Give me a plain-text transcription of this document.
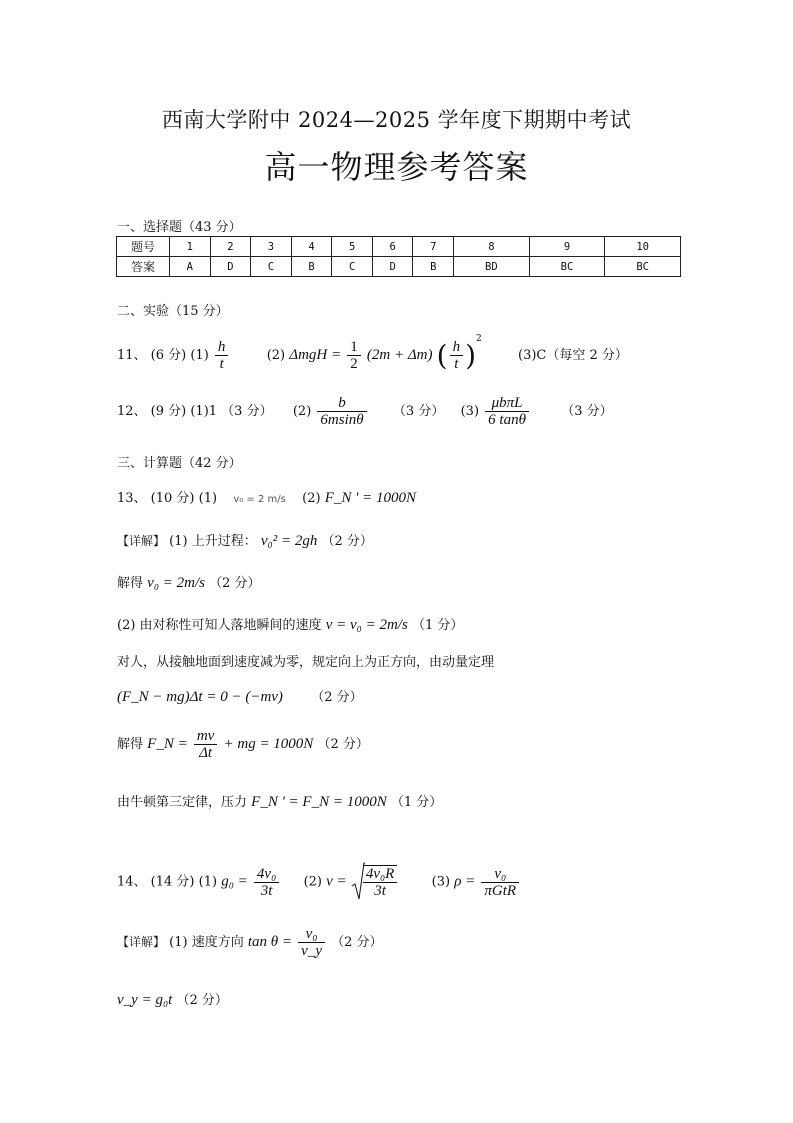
西南大学附中 2024—2025 学年度下期期中考试
高一物理参考答案
一、选择题（43 分）
题号	1	2	3	4	5	6	7	8	9	10
答案	A	D	C	B	C	D	B	BD	BC	BC
二、实验（15 分）
11、 (6 分) $(1) \frac{h}{t}$	(2) $\Delta mgH = \frac{1}{2} (2m + \Delta m)$ ( $\frac{h}{t} )^2$  (3)C（每空 2 分）
12、 (9 分) (1)1 （3 分） $(2) \frac{b}{6msin\theta} (3$ 分） $(3) \frac{\text{μbπL}}{6 \tan\theta} (3$ 分）
三、计算题（42 分）
13、 (10 分) (1) v₀ = 2 m/s (2) F_N ' = 1000N
【详解】 (1) 上升过程： v₀² = 2gh （2 分）
解得 v₀ = 2m/s （2 分）
(2) 由对称性可知人落地瞬间的速度 v = v₀ = 2m/s （1 分）
对人，从接触地面到速度减为零，规定向上为正方向，由动量定理
(F_N − mg)Δt = 0 − (−mv) （2 分）
解得 F_N = $\frac{mv}{\Delta t}$ + mg = 1000N （2 分）
由牛顿第三定律，压力 F_N ' = F_N = 1000N （1 分）
14、 (14 分) (1) $g_0 = \frac{\text{4v₀}}{3t} (2) v = \frac{\text{4v₀R}}{3t}$	(3) $\rho = \frac{\text{v₀}}{\text{πGtR}}$
【详解】 (1) 速度方向 $\tan \theta = \frac{\text{v₀}}{v\_y} (2$ 分）
v_y = g₀t （2 分）
